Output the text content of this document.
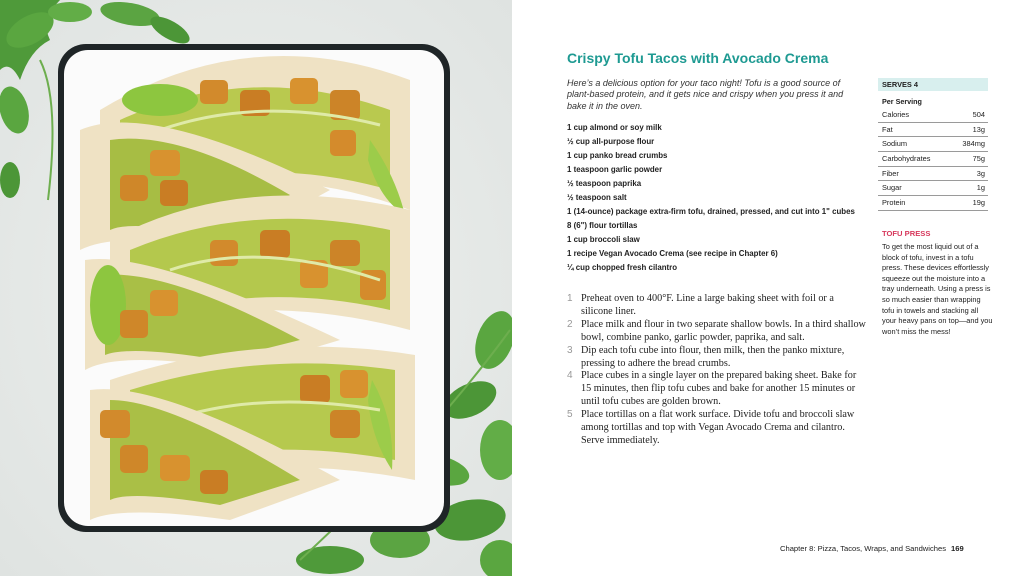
Crispy Tofu Tacos with Avocado Crema
Here’s a delicious option for your taco night! Tofu is a good source of plant-based protein, and it gets nice and crispy when you press it and bake it in the oven.
1 cup almond or soy milk
½ cup all-purpose flour
1 cup panko bread crumbs
1 teaspoon garlic powder
½ teaspoon paprika
½ teaspoon salt
1 (14-ounce) package extra-firm tofu, drained, pressed, and cut into 1" cubes
8 (6") flour tortillas
1 cup broccoli slaw
1 recipe Vegan Avocado Crema (see recipe in Chapter 6)
¼ cup chopped fresh cilantro
1 Preheat oven to 400°F. Line a large baking sheet with foil or a silicone liner.
2 Place milk and flour in two separate shallow bowls. In a third shallow bowl, combine panko, garlic powder, paprika, and salt.
3 Dip each tofu cube into flour, then milk, then the panko mixture, pressing to adhere the bread crumbs.
4 Place cubes in a single layer on the prepared baking sheet. Bake for 15 minutes, then flip tofu cubes and bake for another 15 minutes or until tofu cubes are golden brown.
5 Place tortillas on a flat work surface. Divide tofu and broccoli slaw among tortillas and top with Vegan Avocado Crema and cilantro. Serve immediately.
SERVES 4
Per Serving
Calories	504
Fat	13g
Sodium	384mg
Carbohydrates	75g
Fiber	3g
Sugar	1g
Protein	19g
TOFU PRESS
To get the most liquid out of a block of tofu, invest in a tofu press. These devices effortlessly squeeze out the moisture into a tray underneath. Using a press is so much easier than wrapping tofu in towels and stacking all your heavy pans on top—and you won’t miss the mess!
Chapter 8: Pizza, Tacos, Wraps, and Sandwiches 169
